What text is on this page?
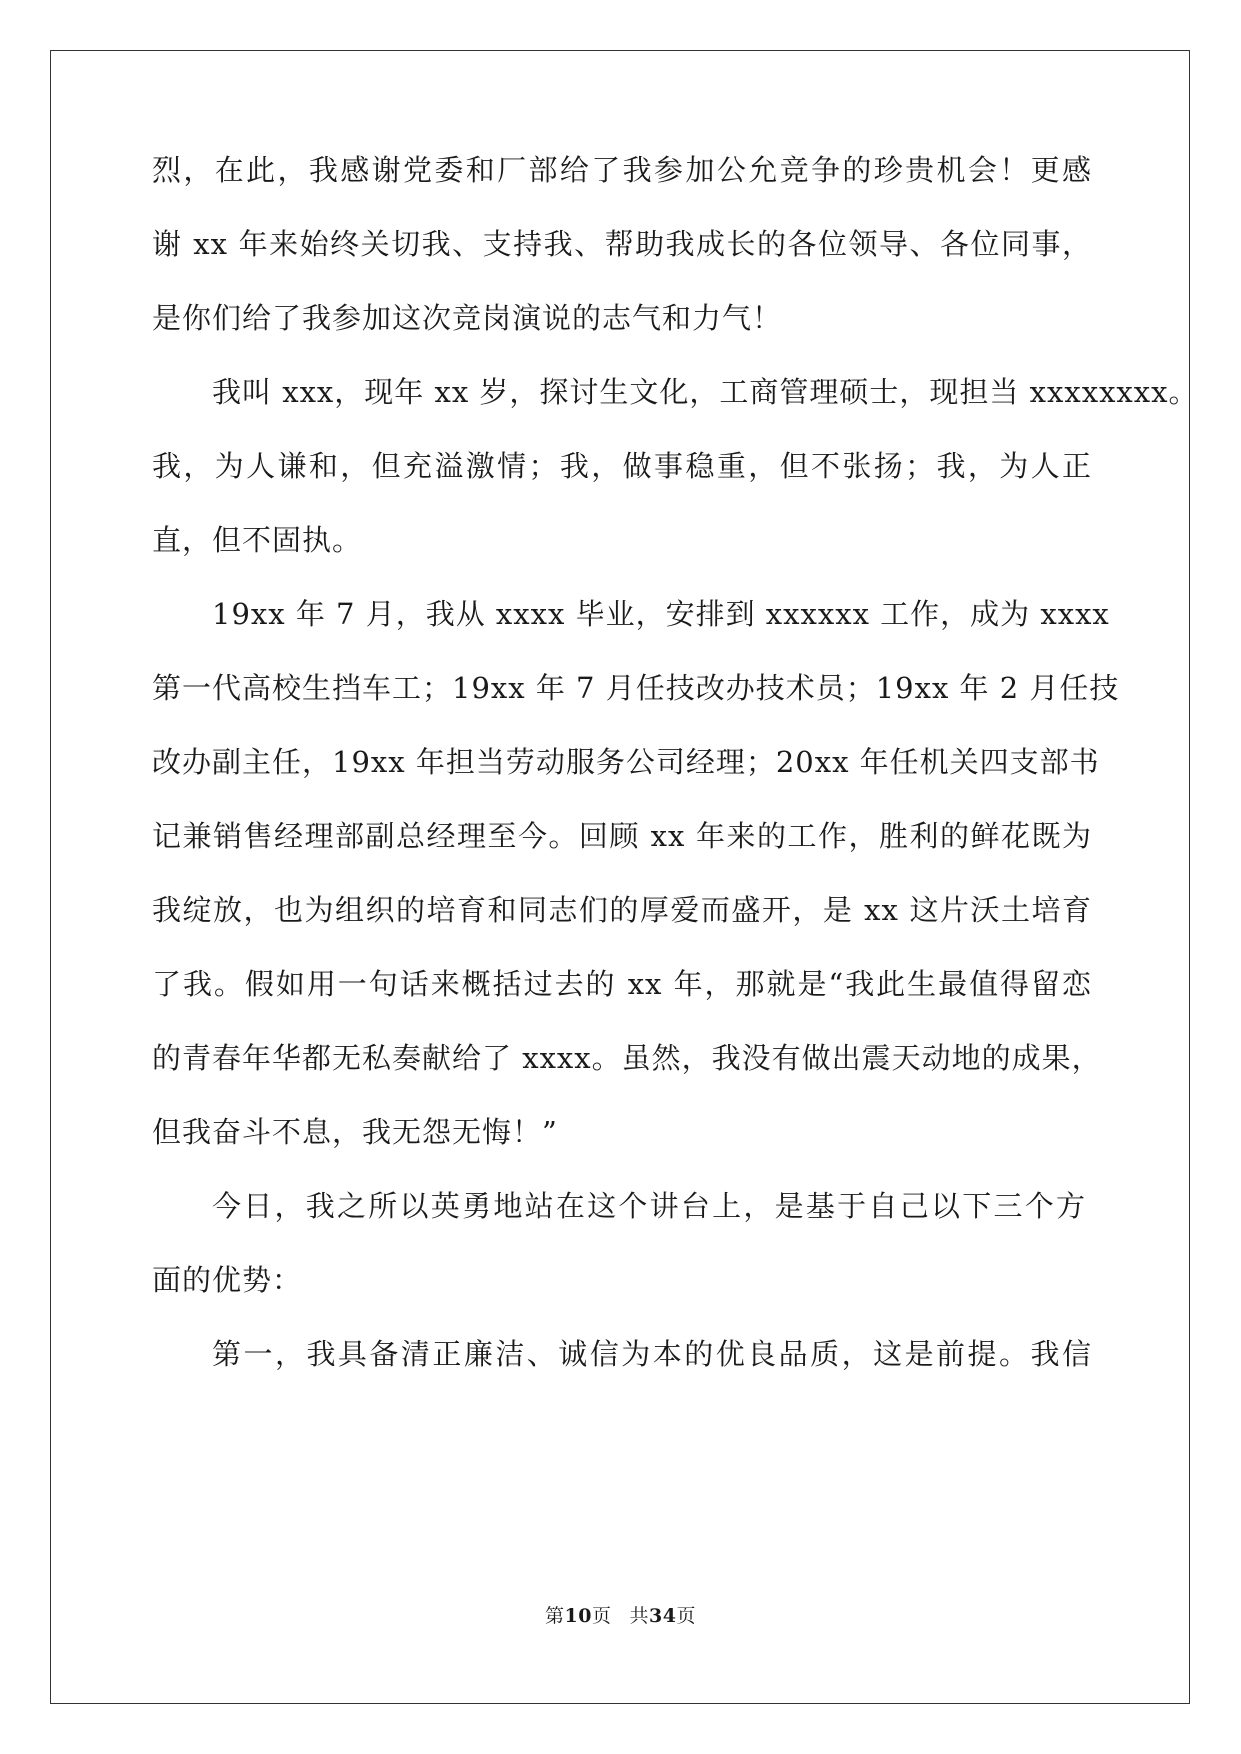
烈，在此，我感谢党委和厂部给了我参加公允竞争的珍贵机会！更感
谢 xx 年来始终关切我、支持我、帮助我成长的各位领导、各位同事，
是你们给了我参加这次竞岗演说的志气和力气！
我叫 xxx，现年 xx 岁，探讨生文化，工商管理硕士，现担当 xxxxxxxx。
我，为人谦和，但充溢激情；我，做事稳重，但不张扬；我，为人正
直，但不固执。
19xx 年 7 月，我从 xxxx 毕业，安排到 xxxxxx 工作，成为 xxxx
第一代高校生挡车工；19xx 年 7 月任技改办技术员；19xx 年 2 月任技
改办副主任，19xx 年担当劳动服务公司经理；20xx 年任机关四支部书
记兼销售经理部副总经理至今。回顾 xx 年来的工作，胜利的鲜花既为
我绽放，也为组织的培育和同志们的厚爱而盛开，是 xx 这片沃土培育
了我。假如用一句话来概括过去的 xx 年，那就是“我此生最值得留恋
的青春年华都无私奏献给了 xxxx。虽然，我没有做出震天动地的成果，
但我奋斗不息，我无怨无悔！”
今日，我之所以英勇地站在这个讲台上，是基于自己以下三个方
面的优势：
第一，我具备清正廉洁、诚信为本的优良品质，这是前提。我信
第10页 共34页
